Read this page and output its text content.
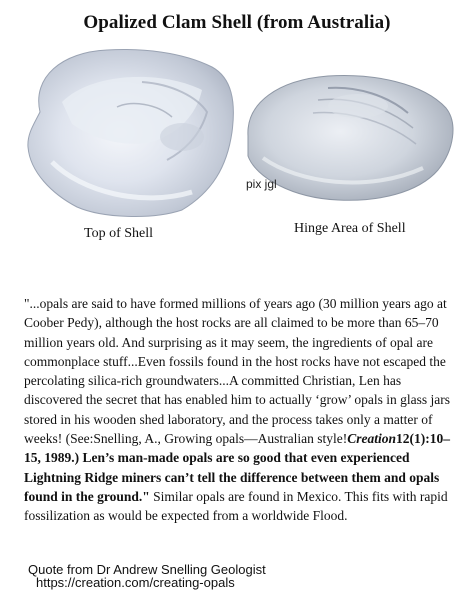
Opalized Clam Shell (from Australia)
pix jgl
Top of Shell	Hinge Area of Shell
"...opals are said to have formed millions of years ago (30 million years ago at Coober Pedy), although the host rocks are all claimed to be more than 65–70 million years old. And surprising as it may seem, the ingredients of opal are commonplace stuff...Even fossils found in the host rocks have not escaped the percolating silica-rich groundwaters...A committed Christian, Len has discovered the secret that has enabled him to actually ‘grow’ opals in glass jars stored in his wooden shed laboratory, and the process takes only a matter of weeks! (See:Snelling, A., Growing opals—Australian style!Creation12(1):10–15, 1989.) Len’s man-made opals are so good that even experienced Lightning Ridge miners can’t tell the difference between them and opals found in the ground." Similar opals are found in Mexico. This fits with rapid fossilization as would be expected from a worldwide Flood.
Quote from Dr Andrew Snelling Geologist
https://creation.com/creating-opals
